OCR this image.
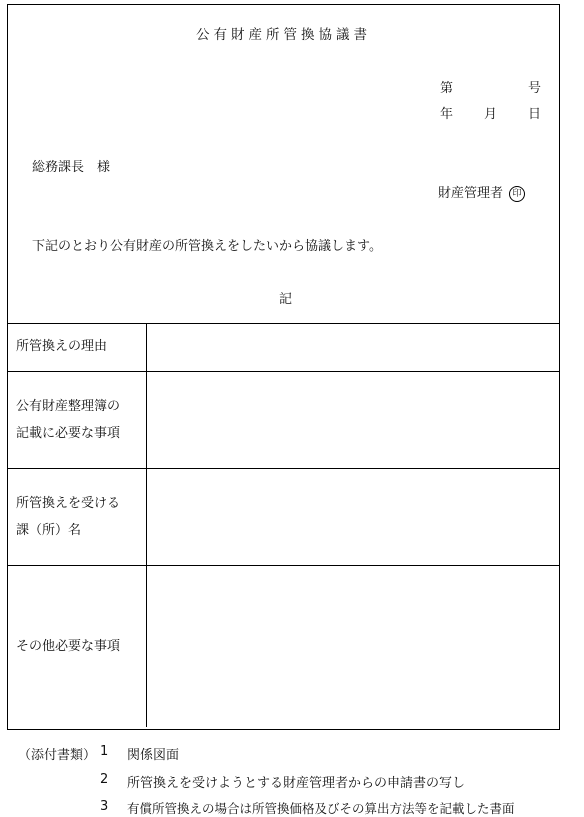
公有財産所管換協議書
第	号
年 月 日
総務課長　様
財産管理者 印
下記のとおり公有財産の所管換えをしたいから協議します。
記
所管換えの理由	

公有財産整理簿の
記載に必要な事項	

所管換えを受ける
課（所）名	

その他必要な事項	

（添付書類） 1 関係図面
2 所管換えを受けようとする財産管理者からの申請書の写し
3 有償所管換えの場合は所管換価格及びその算出方法等を記載した書面
